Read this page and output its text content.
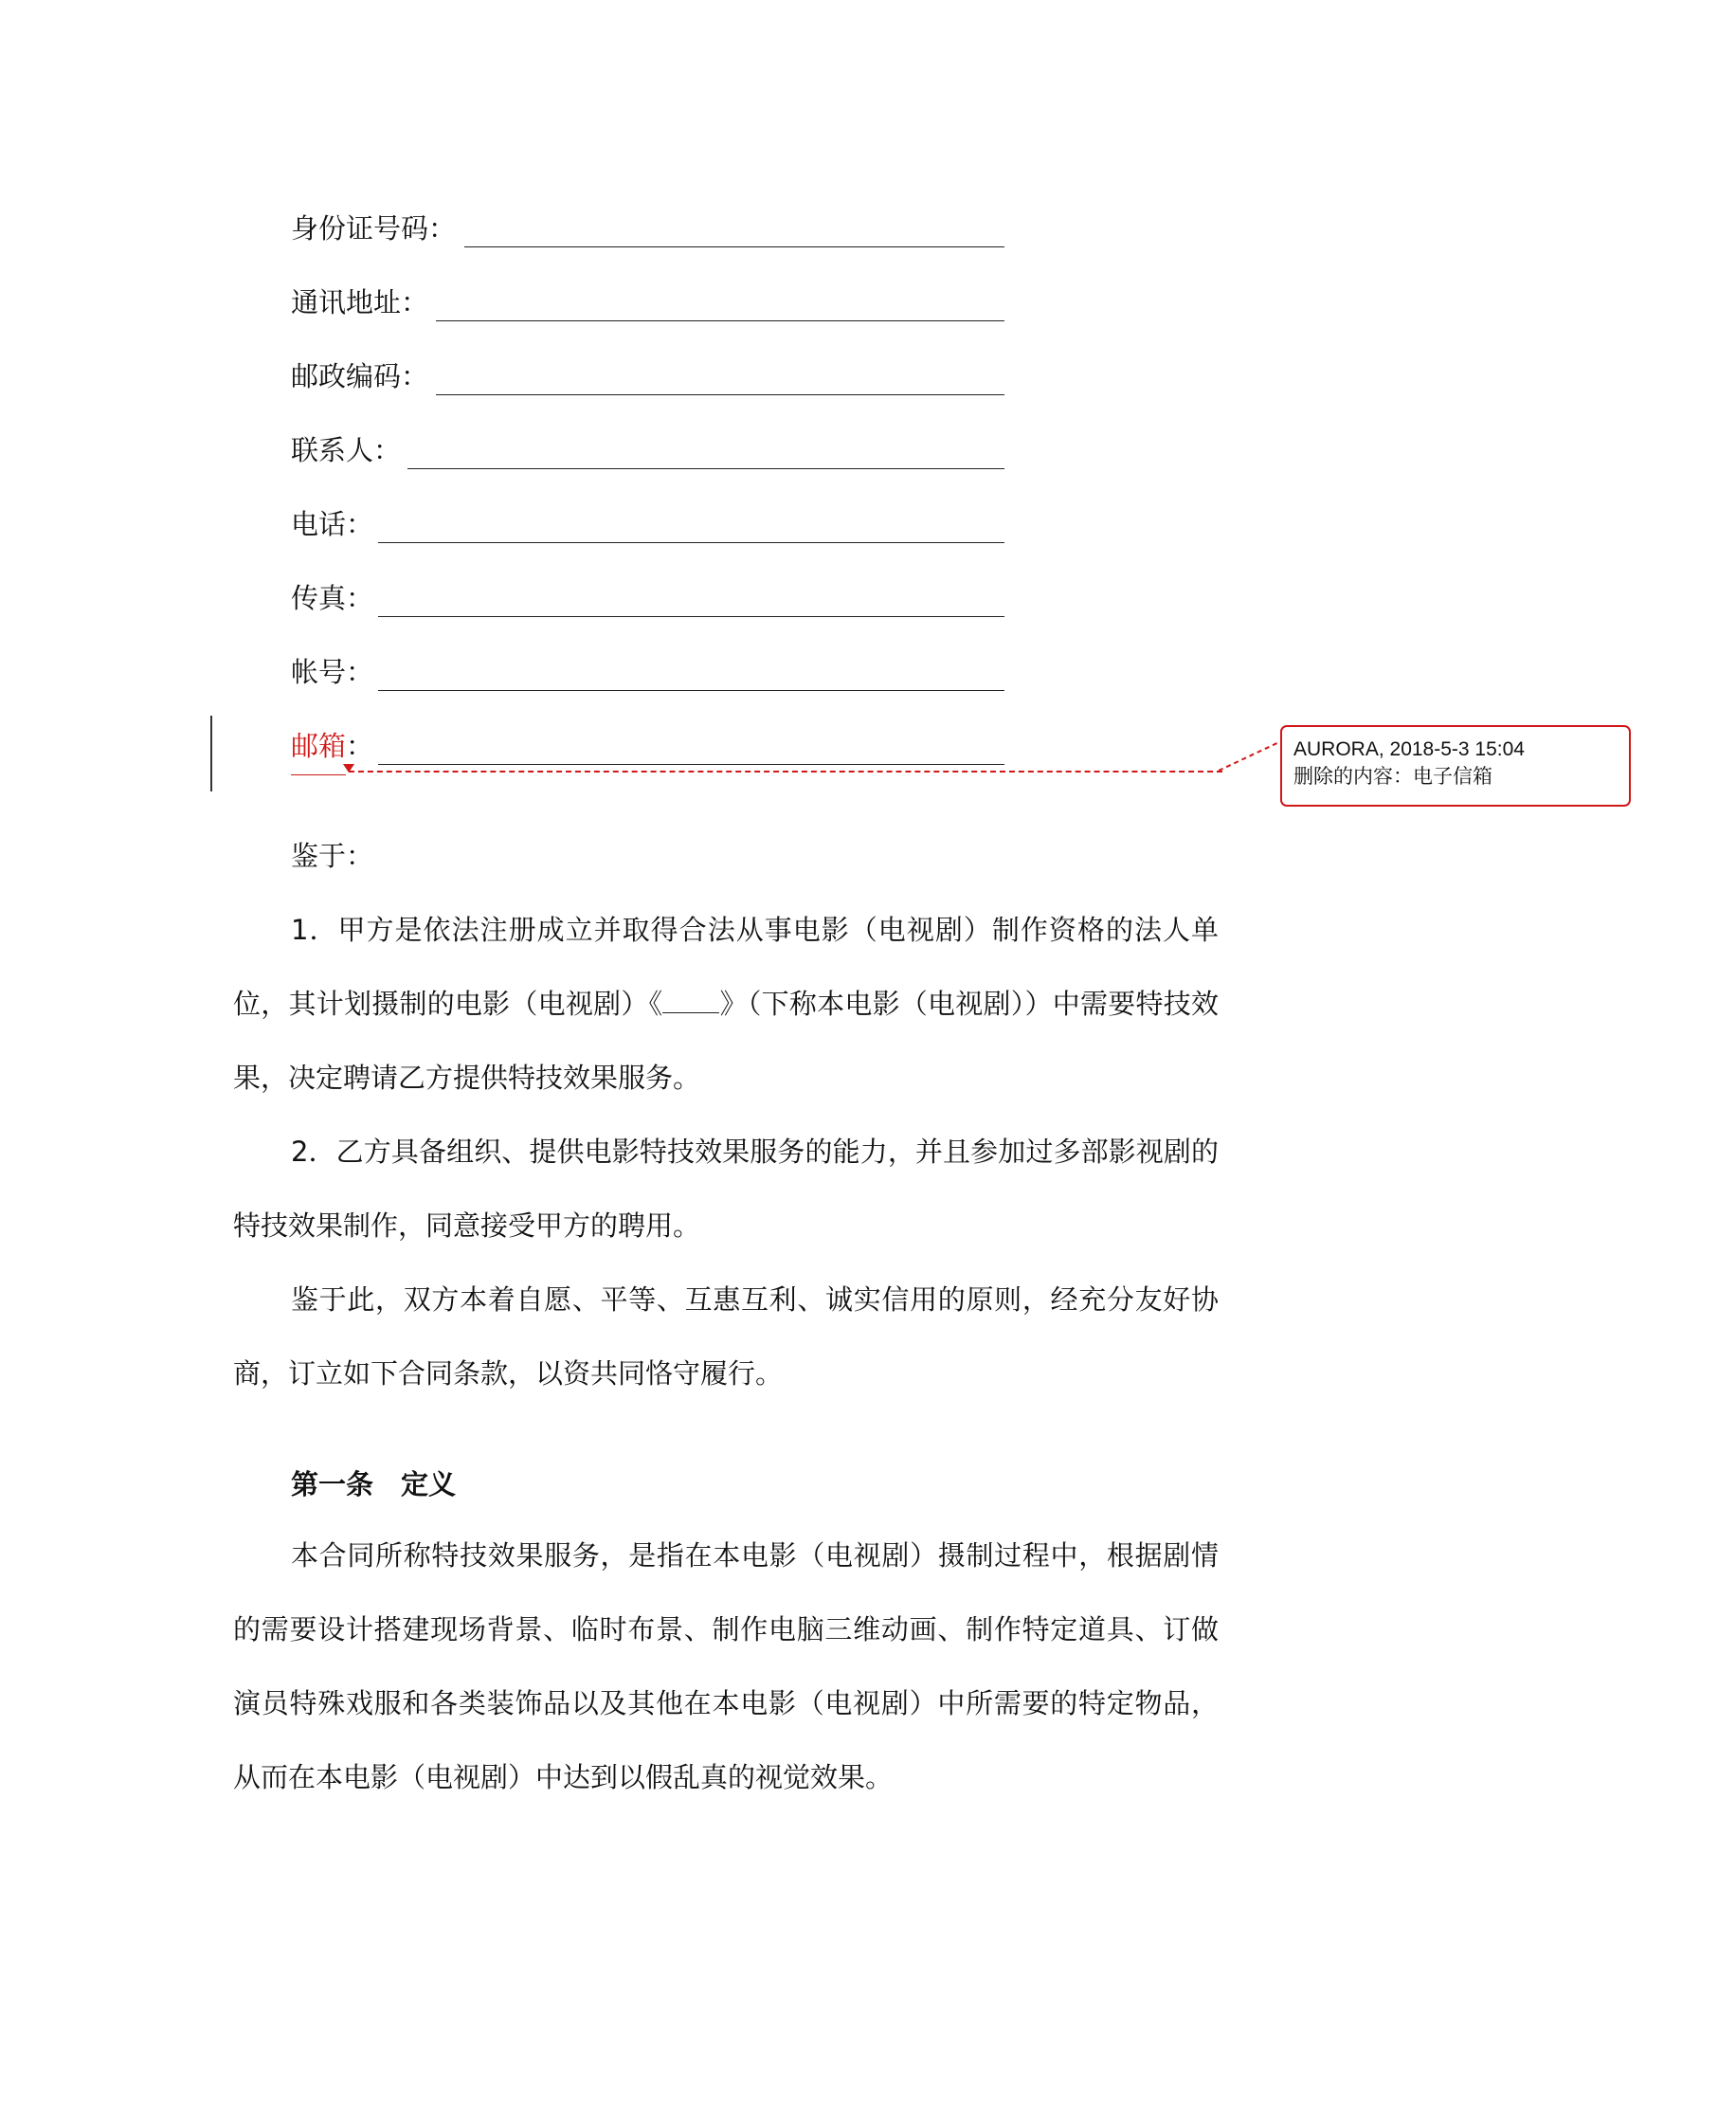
身份证号码：
通讯地址：
邮政编码：
联系人：
电话：
传真：
帐号：
邮箱：	AURORA, 2018-5-3 15:04
删除的内容：电子信箱

鉴于：

1．甲方是依法注册成立并取得合法从事电影（电视剧）制作资格的法人单位，其计划摄制的电影（电视剧）《 》（下称本电影（电视剧））中需要特技效果，决定聘请乙方提供特技效果服务。

2．乙方具备组织、提供电影特技效果服务的能力，并且参加过多部影视剧的特技效果制作，同意接受甲方的聘用。

鉴于此，双方本着自愿、平等、互惠互利、诚实信用的原则，经充分友好协商，订立如下合同条款，以资共同恪守履行。

第一条　定义

本合同所称特技效果服务，是指在本电影（电视剧）摄制过程中，根据剧情的需要设计搭建现场背景、临时布景、制作电脑三维动画、制作特定道具、订做演员特殊戏服和各类装饰品以及其他在本电影（电视剧）中所需要的特定物品，从而在本电影（电视剧）中达到以假乱真的视觉效果。
